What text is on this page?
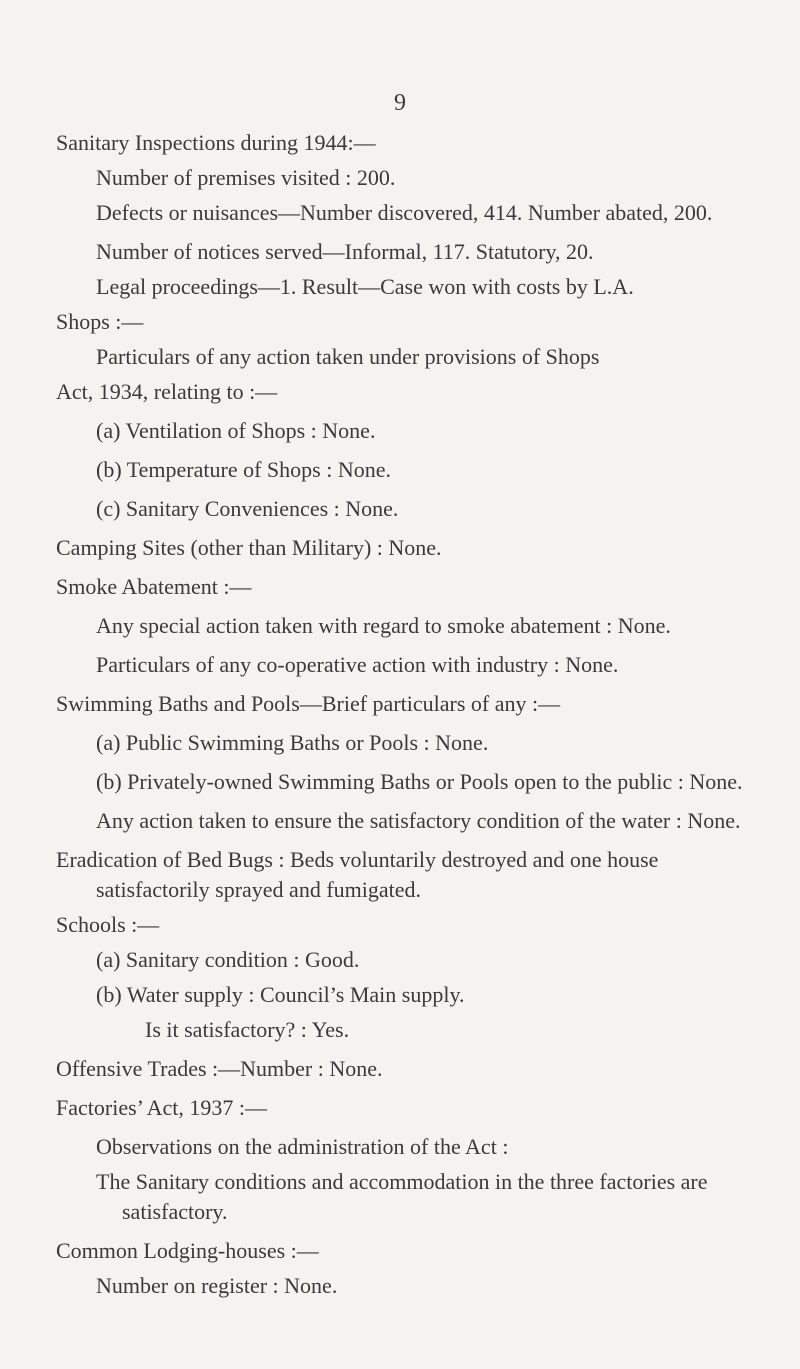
9

Sanitary Inspections during 1944:—

Number of premises visited : 200.

Defects or nuisances—Number discovered, 414. Number abated, 200.

Number of notices served—Informal, 117. Statutory, 20.

Legal proceedings—1. Result—Case won with costs by L.A.

Shops :—

Particulars of any action taken under provisions of Shops

Act, 1934, relating to :—

(a) Ventilation of Shops : None.

(b) Temperature of Shops : None.

(c) Sanitary Conveniences : None.

Camping Sites (other than Military) : None.

Smoke Abatement :—

Any special action taken with regard to smoke abatement : None.

Particulars of any co-operative action with industry : None.

Swimming Baths and Pools—Brief particulars of any :—

(a) Public Swimming Baths or Pools : None.

(b) Privately-owned Swimming Baths or Pools open to the public : None.

Any action taken to ensure the satisfactory condition of the water : None.

Eradication of Bed Bugs : Beds voluntarily destroyed and one house satisfactorily sprayed and fumigated.

Schools :—

(a) Sanitary condition : Good.

(b) Water supply : Council’s Main supply.

Is it satisfactory? : Yes.

Offensive Trades :—Number : None.

Factories’ Act, 1937 :—

Observations on the administration of the Act :

The Sanitary conditions and accommodation in the three factories are satisfactory.

Common Lodging-houses :—

Number on register : None.
